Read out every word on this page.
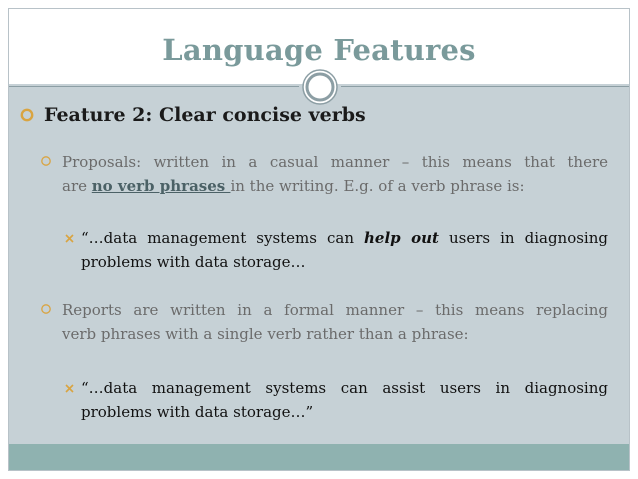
Language Features
Feature 2: Clear concise verbs
Proposals: written in a casual manner – this means that there
are no verb phrases in the writing. E.g. of a verb phrase is:
“…data management systems can help out users in diagnosing
problems with data storage…
Reports are written in a formal manner – this means replacing
verb phrases with a single verb rather than a phrase:
“…data management systems can assist users in diagnosing
problems with data storage…”
